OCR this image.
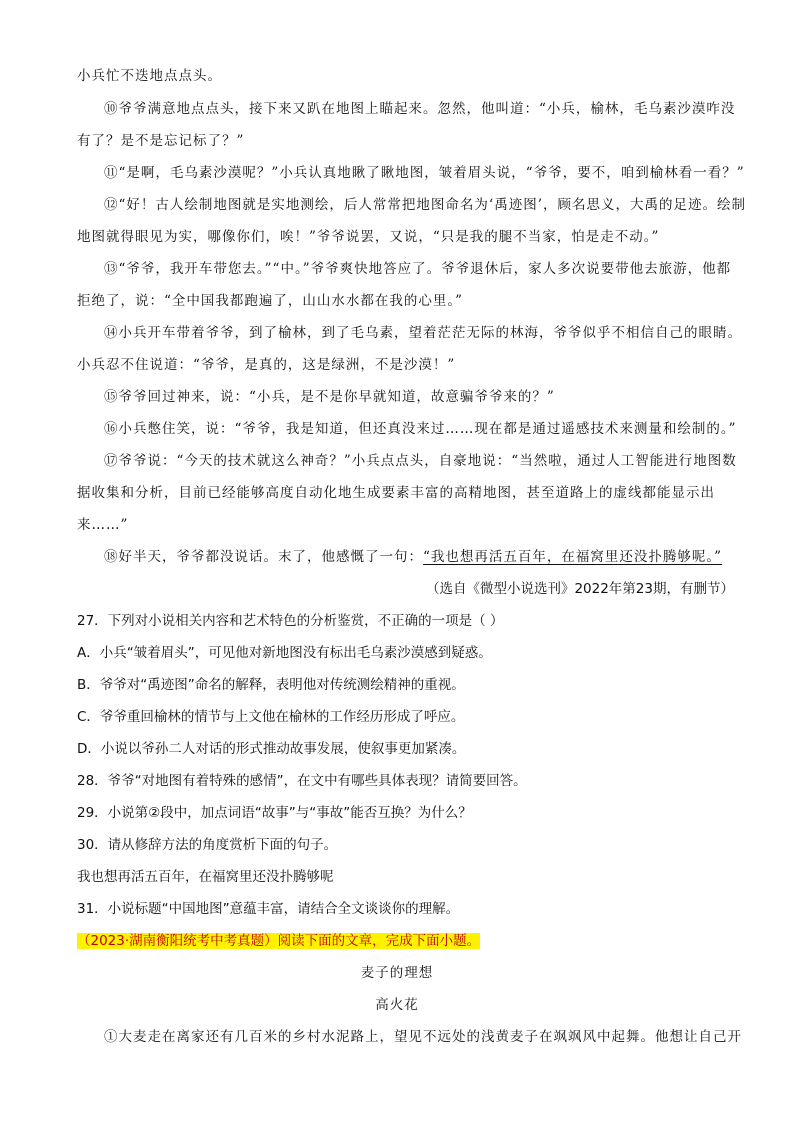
小兵忙不迭地点点头。
⑩爷爷满意地点点头，接下来又趴在地图上瞄起来。忽然，他叫道：“小兵，榆林，毛乌素沙漠咋没
有了？是不是忘记标了？”
⑪“是啊，毛乌素沙漠呢？”小兵认真地瞅了瞅地图，皱着眉头说，“爷爷，要不，咱到榆林看一看？”
⑫“好！古人绘制地图就是实地测绘，后人常常把地图命名为‘禹迹图’，顾名思义，大禹的足迹。绘制
地图就得眼见为实，哪像你们，唉！”爷爷说罢，又说，“只是我的腿不当家，怕是走不动。”
⑬“爷爷，我开车带您去。”“中。”爷爷爽快地答应了。爷爷退休后，家人多次说要带他去旅游，他都
拒绝了，说：“全中国我都跑遍了，山山水水都在我的心里。”
⑭小兵开车带着爷爷，到了榆林，到了毛乌素，望着茫茫无际的林海，爷爷似乎不相信自己的眼睛。
小兵忍不住说道：“爷爷，是真的，这是绿洲，不是沙漠！”
⑮爷爷回过神来，说：“小兵，是不是你早就知道，故意骗爷爷来的？”
⑯小兵憋住笑，说：“爷爷，我是知道，但还真没来过……现在都是通过遥感技术来测量和绘制的。”
⑰爷爷说：“今天的技术就这么神奇？”小兵点点头，自豪地说：“当然啦，通过人工智能进行地图数
据收集和分析，目前已经能够高度自动化地生成要素丰富的高精地图，甚至道路上的虚线都能显示出
来……”
⑱好半天，爷爷都没说话。末了，他感慨了一句：“我也想再活五百年，在福窝里还没扑腾够呢。”
（选自《微型小说选刊》2022年第23期，有删节）
27．下列对小说相关内容和艺术特色的分析鉴赏，不正确的一项是（ ）
A．小兵“皱着眉头”，可见他对新地图没有标出毛乌素沙漠感到疑惑。
B．爷爷对“禹迹图”命名的解释，表明他对传统测绘精神的重视。
C．爷爷重回榆林的情节与上文他在榆林的工作经历形成了呼应。
D．小说以爷孙二人对话的形式推动故事发展，使叙事更加紧凑。
28．爷爷“对地图有着特殊的感情”，在文中有哪些具体表现？请简要回答。
29．小说第②段中，加点词语“故事”与“事故”能否互换？为什么？
30．请从修辞方法的角度赏析下面的句子。
我也想再活五百年，在福窝里还没扑腾够呢
31．小说标题“中国地图”意蕴丰富，请结合全文谈谈你的理解。
（2023·湖南衡阳统考中考真题）阅读下面的文章，完成下面小题。
麦子的理想
高火花
①大麦走在离家还有几百米的乡村水泥路上，望见不远处的浅黄麦子在飒飒风中起舞。他想让自己开
